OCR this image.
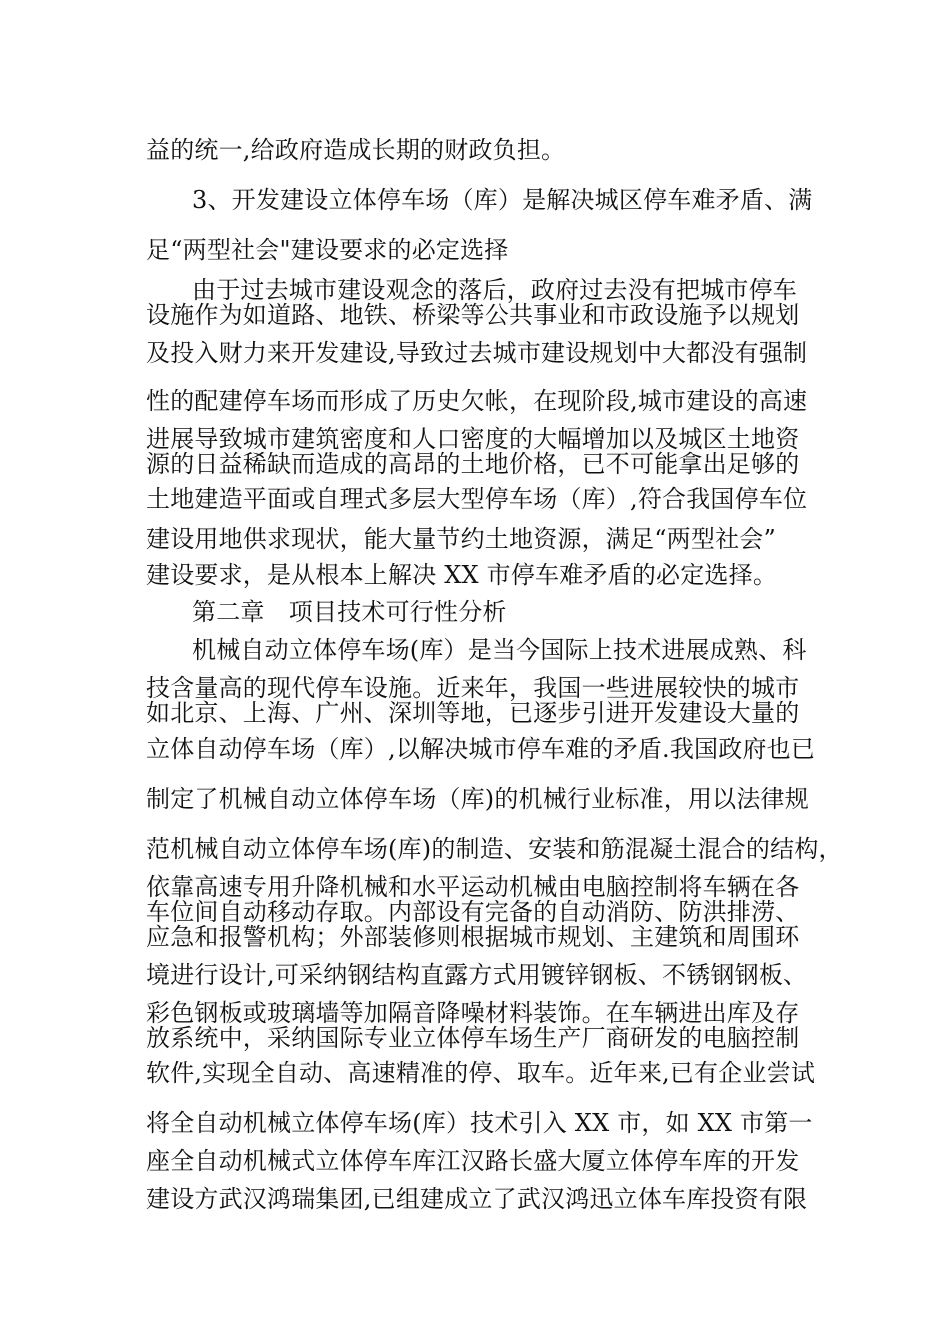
益的统一,给政府造成长期的财政负担。
3、开发建设立体停车场（库）是解决城区停车难矛盾、满
足“两型社会"建设要求的必定选择
由于过去城市建设观念的落后，政府过去没有把城市停车
设施作为如道路、地铁、桥梁等公共事业和市政设施予以规划
及投入财力来开发建设,导致过去城市建设规划中大都没有强制
性的配建停车场而形成了历史欠帐，在现阶段,城市建设的高速
进展导致城市建筑密度和人口密度的大幅增加以及城区土地资
源的日益稀缺而造成的高昂的土地价格，已不可能拿出足够的
土地建造平面或自理式多层大型停车场（库）,符合我国停车位
建设用地供求现状，能大量节约土地资源，满足“两型社会”
建设要求，是从根本上解决 XX 市停车难矛盾的必定选择。
第二章　项目技术可行性分析
机械自动立体停车场(库）是当今国际上技术进展成熟、科
技含量高的现代停车设施。近来年，我国一些进展较快的城市
如北京、上海、广州、深圳等地，已逐步引进开发建设大量的
立体自动停车场（库）,以解决城市停车难的矛盾.我国政府也已
制定了机械自动立体停车场（库)的机械行业标准，用以法律规
范机械自动立体停车场(库)的制造、安装和筋混凝土混合的结构，
依靠高速专用升降机械和水平运动机械由电脑控制将车辆在各
车位间自动移动存取。内部设有完备的自动消防、防洪排涝、
应急和报警机构；外部装修则根据城市规划、主建筑和周围环
境进行设计,可采纳钢结构直露方式用镀锌钢板、不锈钢钢板、
彩色钢板或玻璃墙等加隔音降噪材料装饰。在车辆进出库及存
放系统中，采纳国际专业立体停车场生产厂商研发的电脑控制
软件,实现全自动、高速精准的停、取车。近年来,已有企业尝试
将全自动机械立体停车场(库）技术引入 XX 市，如 XX 市第一
座全自动机械式立体停车库江汉路长盛大厦立体停车库的开发
建设方武汉鸿瑞集团,已组建成立了武汉鸿迅立体车库投资有限
